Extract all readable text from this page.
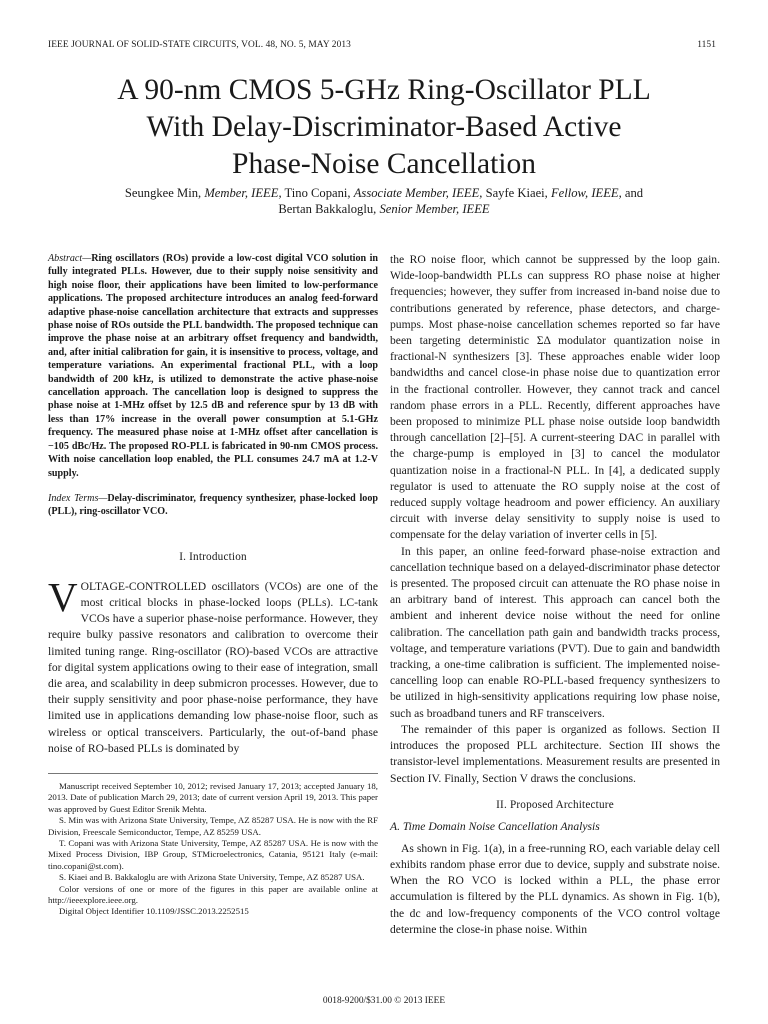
IEEE JOURNAL OF SOLID-STATE CIRCUITS, VOL. 48, NO. 5, MAY 2013	1151
A 90-nm CMOS 5-GHz Ring-Oscillator PLL
With Delay-Discriminator-Based Active
Phase-Noise Cancellation
Seungkee Min, Member, IEEE, Tino Copani, Associate Member, IEEE, Sayfe Kiaei, Fellow, IEEE, and
Bertan Bakkaloglu, Senior Member, IEEE

Abstract—Ring oscillators (ROs) provide a low-cost digital VCO solution in fully integrated PLLs. However, due to their supply noise sensitivity and high noise floor, their applications have been limited to low-performance applications. The proposed architecture introduces an analog feed-forward adaptive phase-noise cancellation architecture that extracts and suppresses phase noise of ROs outside the PLL bandwidth. The proposed technique can improve the phase noise at an arbitrary offset frequency and bandwidth, and, after initial calibration for gain, it is insensitive to process, voltage, and temperature variations. An experimental fractional PLL, with a loop bandwidth of 200 kHz, is utilized to demonstrate the active phase-noise cancellation approach. The cancellation loop is designed to suppress the phase noise at 1-MHz offset by 12.5 dB and reference spur by 13 dB with less than 17% increase in the overall power consumption at 5.1-GHz frequency. The measured phase noise at 1-MHz offset after cancellation is −105 dBc/Hz. The proposed RO-PLL is fabricated in 90-nm CMOS process. With noise cancellation loop enabled, the PLL consumes 24.7 mA at 1.2-V supply.

Index Terms—Delay-discriminator, frequency synthesizer, phase-locked loop (PLL), ring-oscillator VCO.
I. Introduction

VOLTAGE-CONTROLLED oscillators (VCOs) are one of the most critical blocks in phase-locked loops (PLLs). LC-tank VCOs have a superior phase-noise performance. However, they require bulky passive resonators and calibration to overcome their limited tuning range. Ring-oscillator (RO)-based VCOs are attractive for digital system applications owing to their ease of integration, small die area, and scalability in deep submicron processes. However, due to their supply sensitivity and poor phase-noise performance, they have limited use in applications demanding low phase-noise floor, such as wireless or optical transceivers. Particularly, the out-of-band phase noise of RO-based PLLs is dominated by

Manuscript received September 10, 2012; revised January 17, 2013; accepted January 18, 2013. Date of publication March 29, 2013; date of current version April 19, 2013. This paper was approved by Guest Editor Srenik Mehta.
S. Min was with Arizona State University, Tempe, AZ 85287 USA. He is now with the RF Division, Freescale Semiconductor, Tempe, AZ 85259 USA.
T. Copani was with Arizona State University, Tempe, AZ 85287 USA. He is now with the Mixed Process Division, IBP Group, STMicroelectronics, Catania, 95121 Italy (e-mail: tino.copani@st.com).
S. Kiaei and B. Bakkaloglu are with Arizona State University, Tempe, AZ 85287 USA.
Color versions of one or more of the figures in this paper are available online at http://ieeexplore.ieee.org.
Digital Object Identifier 10.1109/JSSC.2013.2252515

the RO noise floor, which cannot be suppressed by the loop gain. Wide-loop-bandwidth PLLs can suppress RO phase noise at higher frequencies; however, they suffer from increased in-band noise due to contributions generated by reference, phase detectors, and charge-pumps. Most phase-noise cancellation schemes reported so far have been targeting deterministic ΣΔ modulator quantization noise in fractional-N synthesizers [3]. These approaches enable wider loop bandwidths and cancel close-in phase noise due to quantization error in the fractional controller. However, they cannot track and cancel random phase errors in a PLL. Recently, different approaches have been proposed to minimize PLL phase noise outside loop bandwidth through cancellation [2]–[5]. A current-steering DAC in parallel with the charge-pump is employed in [3] to cancel the modulator quantization noise in a fractional-N PLL. In [4], a dedicated supply regulator is used to attenuate the RO supply noise at the cost of reduced supply voltage headroom and power efficiency. An auxiliary circuit with inverse delay sensitivity to supply noise is used to compensate for the delay variation of inverter cells in [5].

In this paper, an online feed-forward phase-noise extraction and cancellation technique based on a delayed-discriminator phase detector is presented. The proposed circuit can attenuate the RO phase noise in an arbitrary band of interest. This approach can cancel both the ambient and inherent device noise without the need for online calibration. The cancellation path gain and bandwidth tracks process, voltage, and temperature variations (PVT). Due to gain and bandwidth tracking, a one-time calibration is sufficient. The implemented noise-cancelling loop can enable RO-PLL-based frequency synthesizers to be utilized in high-sensitivity applications requiring low phase noise, such as broadband tuners and RF transceivers.

The remainder of this paper is organized as follows. Section II introduces the proposed PLL architecture. Section III shows the transistor-level implementations. Measurement results are presented in Section IV. Finally, Section V draws the conclusions.

II. Proposed Architecture
A. Time Domain Noise Cancellation Analysis

As shown in Fig. 1(a), in a free-running RO, each variable delay cell exhibits random phase error due to device, supply and substrate noise. When the RO VCO is locked within a PLL, the phase error accumulation is filtered by the PLL dynamics. As shown in Fig. 1(b), the dc and low-frequency components of the VCO control voltage determine the close-in phase noise. Within

0018-9200/$31.00 © 2013 IEEE
